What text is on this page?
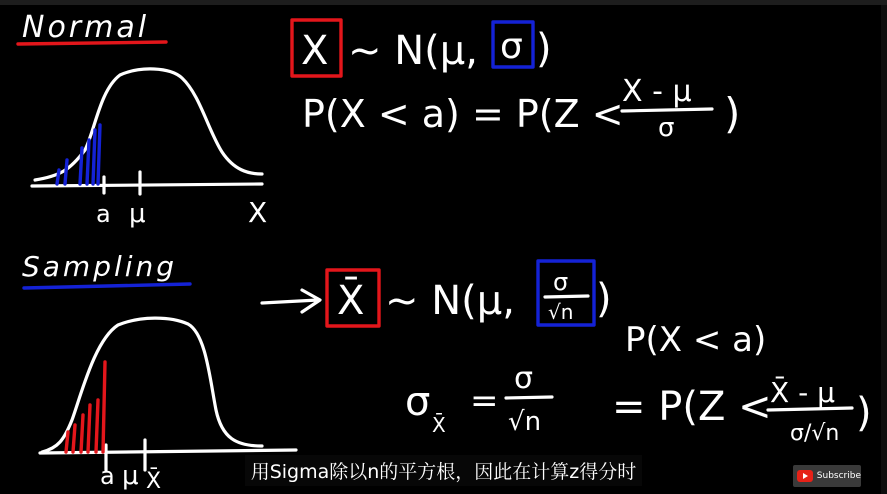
Normal
a μ	X
X ~ N(μ, σ )
P(X < a) = P(Z <
X - μ
σ )
Sampling
a μ X̄
X̄ ~ N(μ, σ
√n )
P(X < a)
σ X̄
=
σ
√n = P(Z <
X̄ - μ
σ/√n )
用Sigma除以n的平方根，因此在计算z得分时	Subscribe
